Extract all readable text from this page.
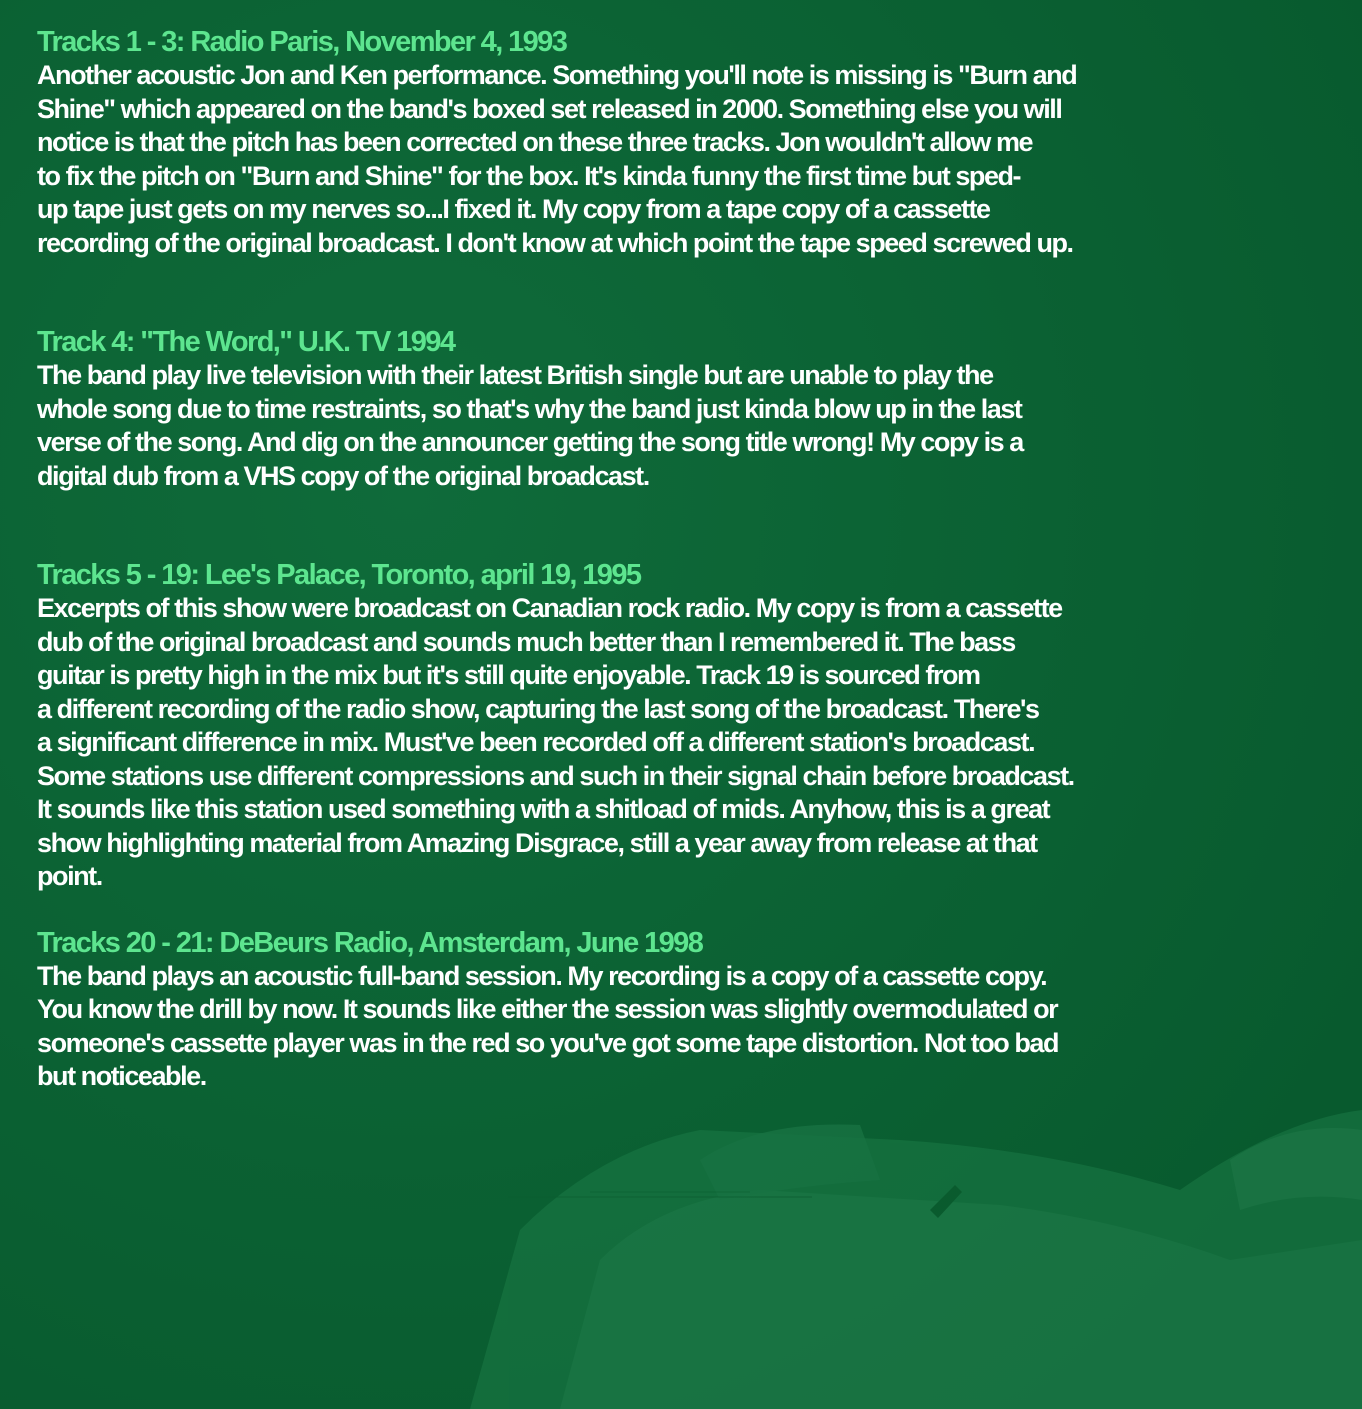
Tracks 1 - 3: Radio Paris, November 4, 1993
Another acoustic Jon and Ken performance. Something you'll note is missing is "Burn and
Shine" which appeared on the band's boxed set released in 2000. Something else you will
notice is that the pitch has been corrected on these three tracks. Jon wouldn't allow me
to fix the pitch on "Burn and Shine" for the box. It's kinda funny the first time but sped-
up tape just gets on my nerves so...I fixed it. My copy from a tape copy of a cassette
recording of the original broadcast. I don't know at which point the tape speed screwed up.
Track 4: "The Word," U.K. TV 1994
The band play live television with their latest British single but are unable to play the
whole song due to time restraints, so that's why the band just kinda blow up in the last
verse of the song. And dig on the announcer getting the song title wrong! My copy is a
digital dub from a VHS copy of the original broadcast.
Tracks 5 - 19: Lee's Palace, Toronto, april 19, 1995
Excerpts of this show were broadcast on Canadian rock radio. My copy is from a cassette
dub of the original broadcast and sounds much better than I remembered it. The bass
guitar is pretty high in the mix but it's still quite enjoyable. Track 19 is sourced from
a different recording of the radio show, capturing the last song of the broadcast. There's
a significant difference in mix. Must've been recorded off a different station's broadcast.
Some stations use different compressions and such in their signal chain before broadcast.
It sounds like this station used something with a shitload of mids. Anyhow, this is a great
show highlighting material from Amazing Disgrace, still a year away from release at that
point.
Tracks 20 - 21: DeBeurs Radio, Amsterdam, June 1998
The band plays an acoustic full-band session. My recording is a copy of a cassette copy.
You know the drill by now. It sounds like either the session was slightly overmodulated or
someone's cassette player was in the red so you've got some tape distortion. Not too bad
but noticeable.
